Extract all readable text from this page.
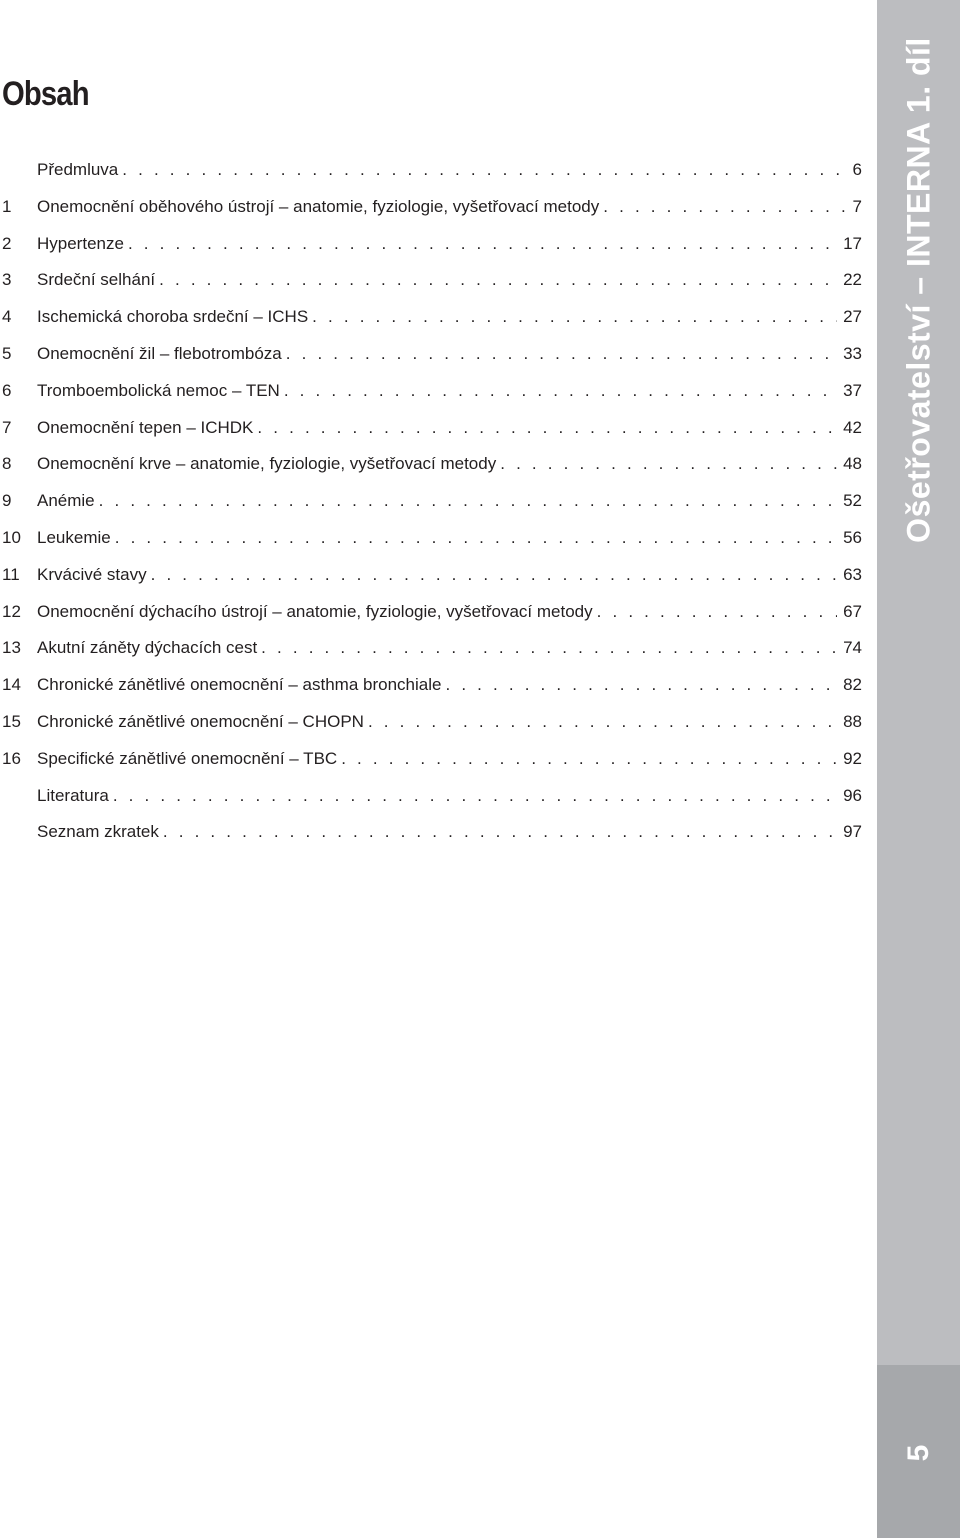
Obsah
Předmluva . . .	6
1	Onemocnění oběhového ústrojí – anatomie, fyziologie, vyšetřovací metody . . .	7
2	Hypertenze . . .	17
3	Srdeční selhání . . .	22
4	Ischemická choroba srdeční – ICHS . . .	27
5	Onemocnění žil – flebotrombóza . . .	33
6	Tromboembolická nemoc – TEN . . .	37
7	Onemocnění tepen – ICHDK . . .	42
8	Onemocnění krve – anatomie, fyziologie, vyšetřovací metody . . .	48
9	Anémie . . .	52
10 Leukemie . . .	56
11	Krvácivé stavy . . .	63
12 Onemocnění dýchacího ústrojí – anatomie, fyziologie, vyšetřovací metody . . .	67
13 Akutní záněty dýchacích cest . . .	74
14 Chronické zánětlivé onemocnění – asthma bronchiale . . .	82
15 Chronické zánětlivé onemocnění – CHOPN . . .	88
16 Specifické zánětlivé onemocnění – TBC . . .	92
Literatura . . .	96
Seznam zkratek . . .	97
Ošetřovatelství – INTERNA 1. díl
5
